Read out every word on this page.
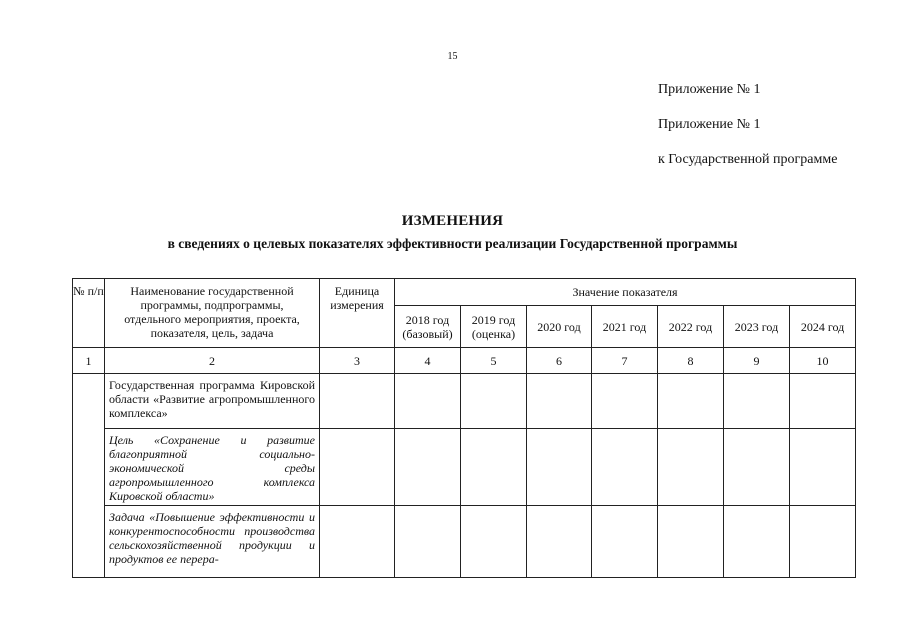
15
Приложение № 1
Приложение № 1
к Государственной программе
ИЗМЕНЕНИЯ
в сведениях о целевых показателях эффективности реализации Государственной программы
№ п/п	Наименование государственной программы, подпрограммы, отдельного мероприятия, проекта, показателя, цель, задача	Единица измерения	Значение показателя						
			2018 год (базовый)	2019 год (оценка)	2020 год	2021 год	2022 год	2023 год	2024 год
1	2	3	4	5	6	7	8	9	10
	Государственная программа Кировской области «Развитие агропромышленного комплекса»								
	Цель «Сохранение и развитие благоприятной социально-экономической среды агропромышленного комплекса Кировской области»								
	Задача «Повышение эффективности и конкурентоспособности производства сельскохозяйственной продукции и продуктов ее перера-								
